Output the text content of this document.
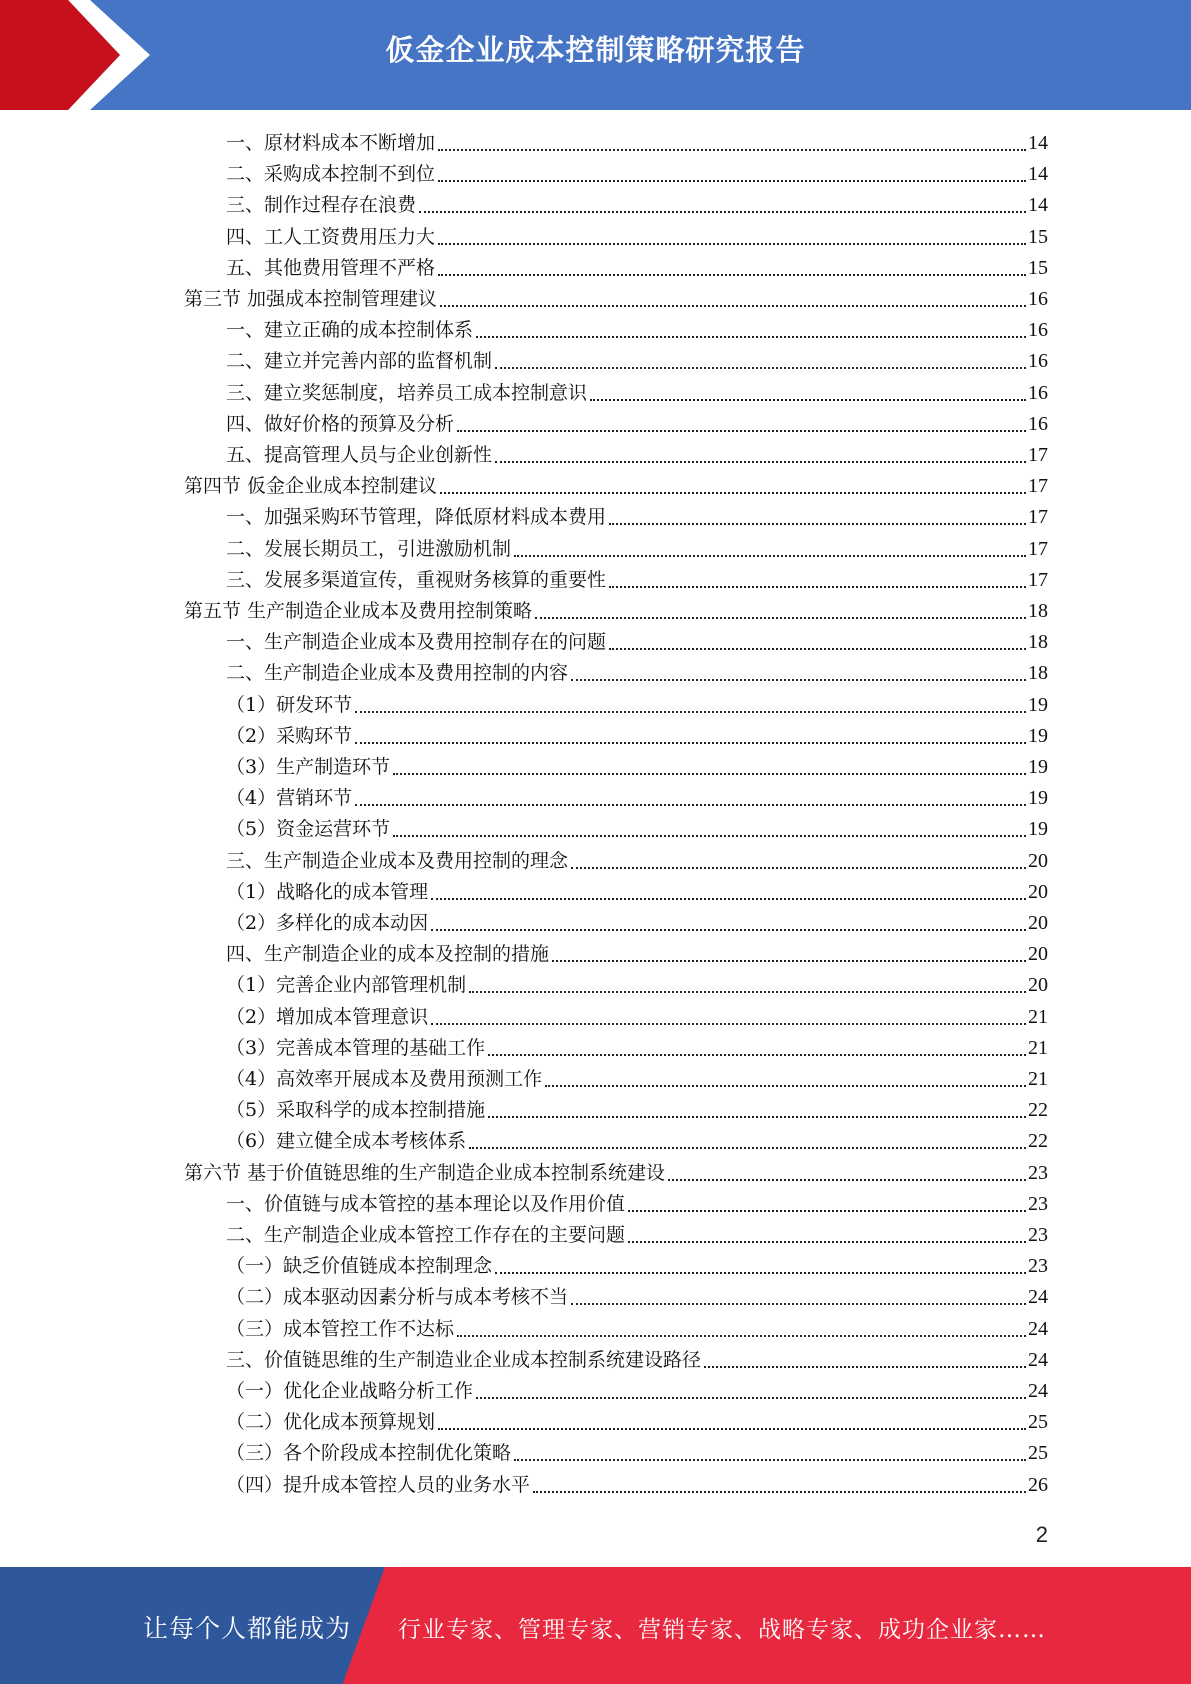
仮金企业成本控制策略研究报告
一、原材料成本不断增加	14
二、采购成本控制不到位	14
三、制作过程存在浪费	14
四、工人工资费用压力大	15
五、其他费用管理不严格	15
第三节 加强成本控制管理建议	16
一、建立正确的成本控制体系	16
二、建立并完善内部的监督机制	16
三、建立奖惩制度，培养员工成本控制意识	16
四、做好价格的预算及分析	16
五、提高管理人员与企业创新性	17
第四节 仮金企业成本控制建议	17
一、加强采购环节管理，降低原材料成本费用	17
二、发展长期员工，引进激励机制	17
三、发展多渠道宣传，重视财务核算的重要性	17
第五节 生产制造企业成本及费用控制策略	18
一、生产制造企业成本及费用控制存在的问题	18
二、生产制造企业成本及费用控制的内容	18
（1）研发环节	19
（2）采购环节	19
（3）生产制造环节	19
（4）营销环节	19
（5）资金运营环节	19
三、生产制造企业成本及费用控制的理念	20
（1）战略化的成本管理	20
（2）多样化的成本动因	20
四、生产制造企业的成本及控制的措施	20
（1）完善企业内部管理机制	20
（2）增加成本管理意识	21
（3）完善成本管理的基础工作	21
（4）高效率开展成本及费用预测工作	21
（5）采取科学的成本控制措施	22
（6）建立健全成本考核体系	22
第六节 基于价值链思维的生产制造企业成本控制系统建设	23
一、价值链与成本管控的基本理论以及作用价值	23
二、生产制造企业成本管控工作存在的主要问题	23
（一）缺乏价值链成本控制理念	23
（二）成本驱动因素分析与成本考核不当	24
（三）成本管控工作不达标	24
三、价值链思维的生产制造业企业成本控制系统建设路径	24
（一）优化企业战略分析工作	24
（二）优化成本预算规划	25
（三）各个阶段成本控制优化策略	25
（四）提升成本管控人员的业务水平	26
2
让每个人都能成为 行业专家、管理专家、营销专家、战略专家、成功企业家……
